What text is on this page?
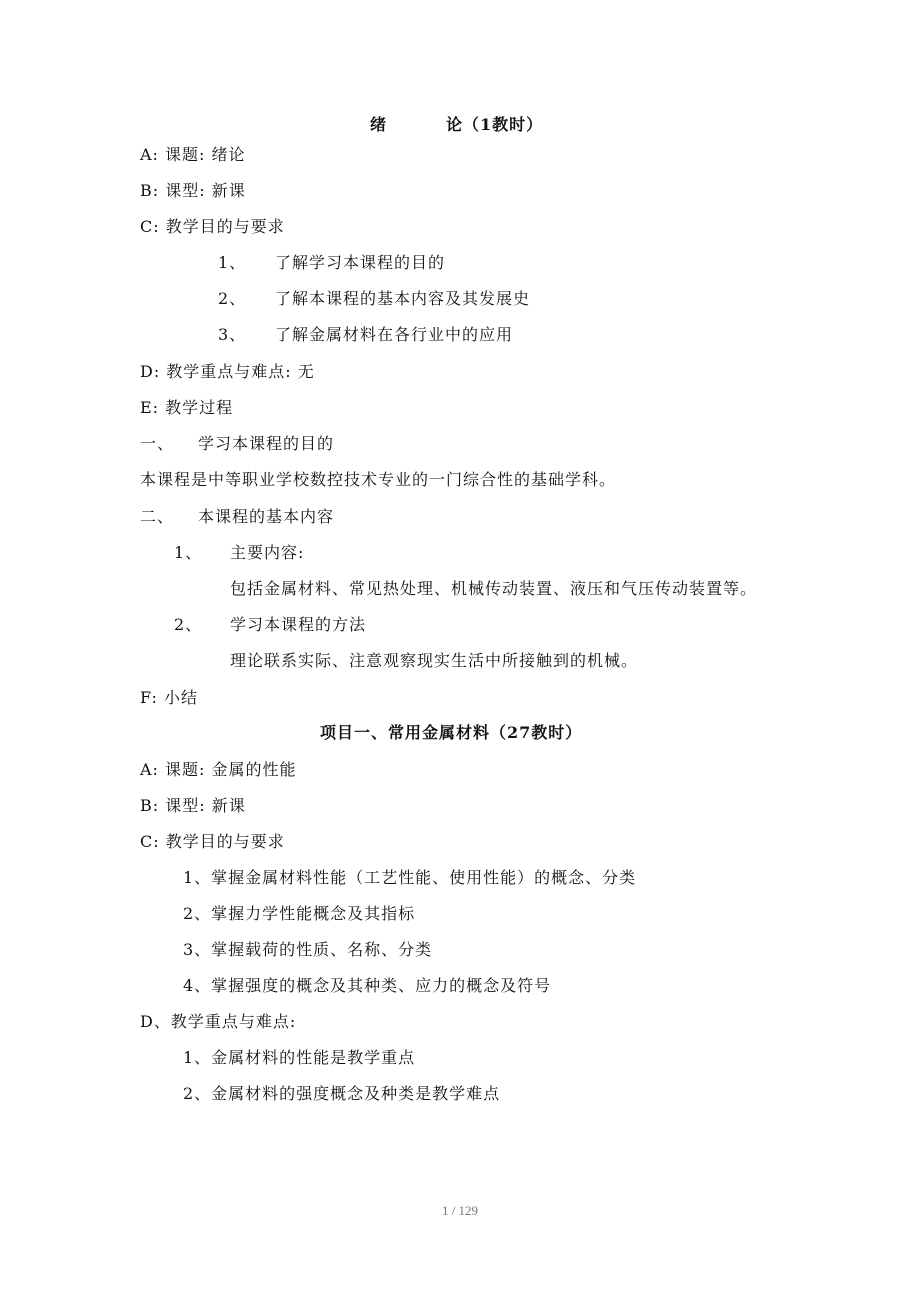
绪	论（1教时）
A: 课题: 绪论
B: 课型: 新课
C: 教学目的与要求
1、 了解学习本课程的目的
2、 了解本课程的基本内容及其发展史
3、 了解金属材料在各行业中的应用
D: 教学重点与难点: 无
E: 教学过程
一、 学习本课程的目的
本课程是中等职业学校数控技术专业的一门综合性的基础学科。
二、 本课程的基本内容
1、 主要内容:
包括金属材料、常见热处理、机械传动装置、液压和气压传动装置等。
2、 学习本课程的方法
理论联系实际、注意观察现实生活中所接触到的机械。
F: 小结
项目一、常用金属材料（27教时）
A: 课题: 金属的性能
B: 课型: 新课
C: 教学目的与要求
1、掌握金属材料性能（工艺性能、使用性能）的概念、分类
2、掌握力学性能概念及其指标
3、掌握载荷的性质、名称、分类
4、掌握强度的概念及其种类、应力的概念及符号
D、教学重点与难点:
1、金属材料的性能是教学重点
2、金属材料的强度概念及种类是教学难点
1 / 129
